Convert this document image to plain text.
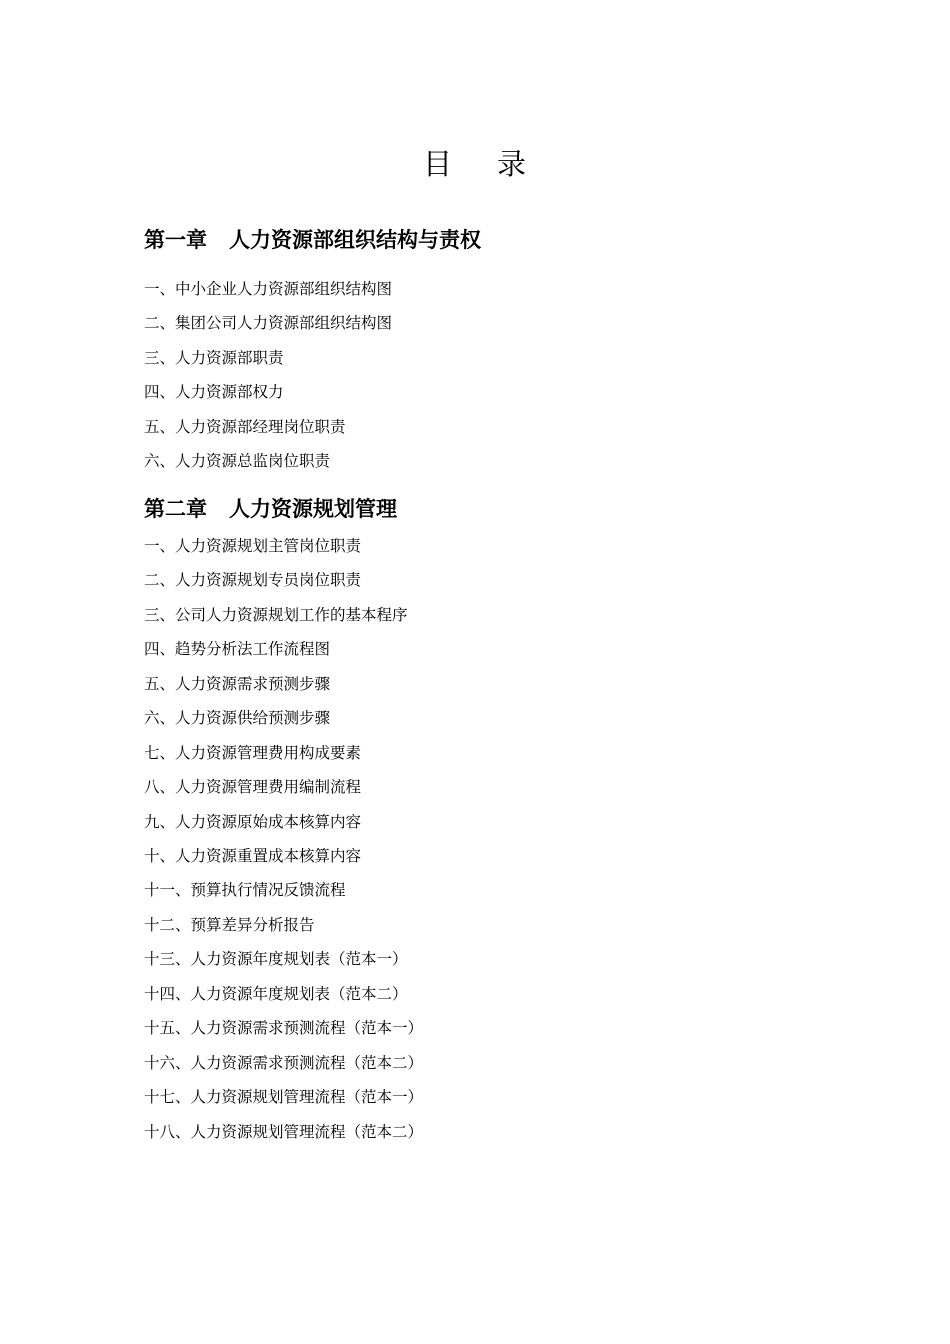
目 录
第一章 人力资源部组织结构与责权
一、中小企业人力资源部组织结构图
二、集团公司人力资源部组织结构图
三、人力资源部职责
四、人力资源部权力
五、人力资源部经理岗位职责
六、人力资源总监岗位职责
第二章 人力资源规划管理
一、人力资源规划主管岗位职责
二、人力资源规划专员岗位职责
三、公司人力资源规划工作的基本程序
四、趋势分析法工作流程图
五、人力资源需求预测步骤
六、人力资源供给预测步骤
七、人力资源管理费用构成要素
八、人力资源管理费用编制流程
九、人力资源原始成本核算内容
十、人力资源重置成本核算内容
十一、预算执行情况反馈流程
十二、预算差异分析报告
十三、人力资源年度规划表（范本一）
十四、人力资源年度规划表（范本二）
十五、人力资源需求预测流程（范本一）
十六、人力资源需求预测流程（范本二）
十七、人力资源规划管理流程（范本一）
十八、人力资源规划管理流程（范本二）
